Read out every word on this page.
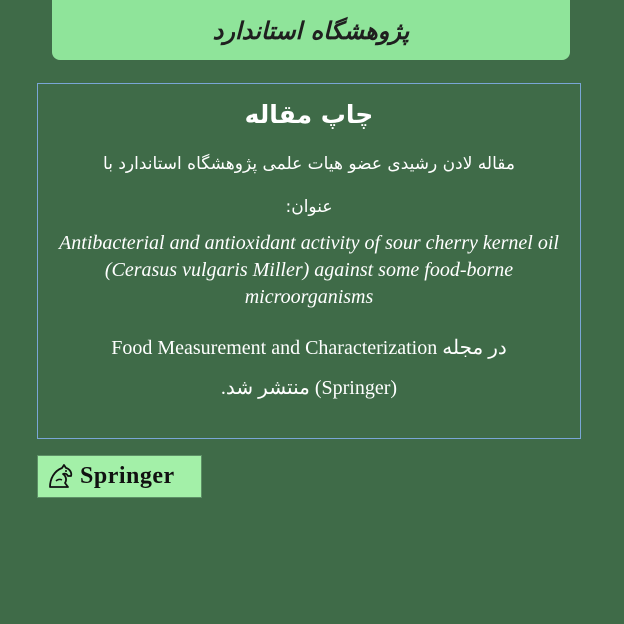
پژوهشگاه استاندارد
چاپ مقاله
مقاله لادن رشیدی عضو هیات علمی پژوهشگاه استاندارد با
عنوان:
Antibacterial and antioxidant activity of sour cherry kernel oil (Cerasus vulgaris Miller) against some food-borne microorganisms
در مجله Food Measurement and Characterization
(Springer) منتشر شد.
Springer
